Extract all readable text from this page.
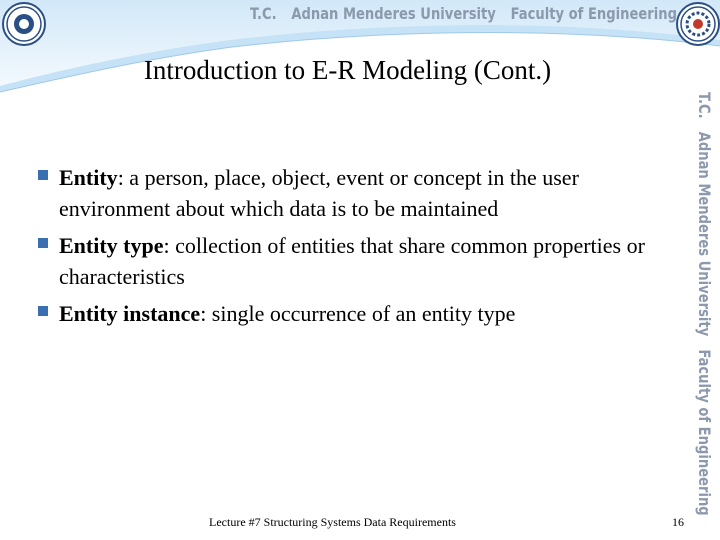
T.C. Adnan Menderes University Faculty of Engineering
T.C.Adnan Menderes UniversityFaculty of Engineering
Introduction to E-R Modeling (Cont.)
Entity: a person, place, object, event or concept in the user environment about which data is to be maintained
Entity type: collection of entities that share common properties or characteristics
Entity instance: single occurrence of an entity type
Lecture #7 Structuring Systems Data Requirements	16
